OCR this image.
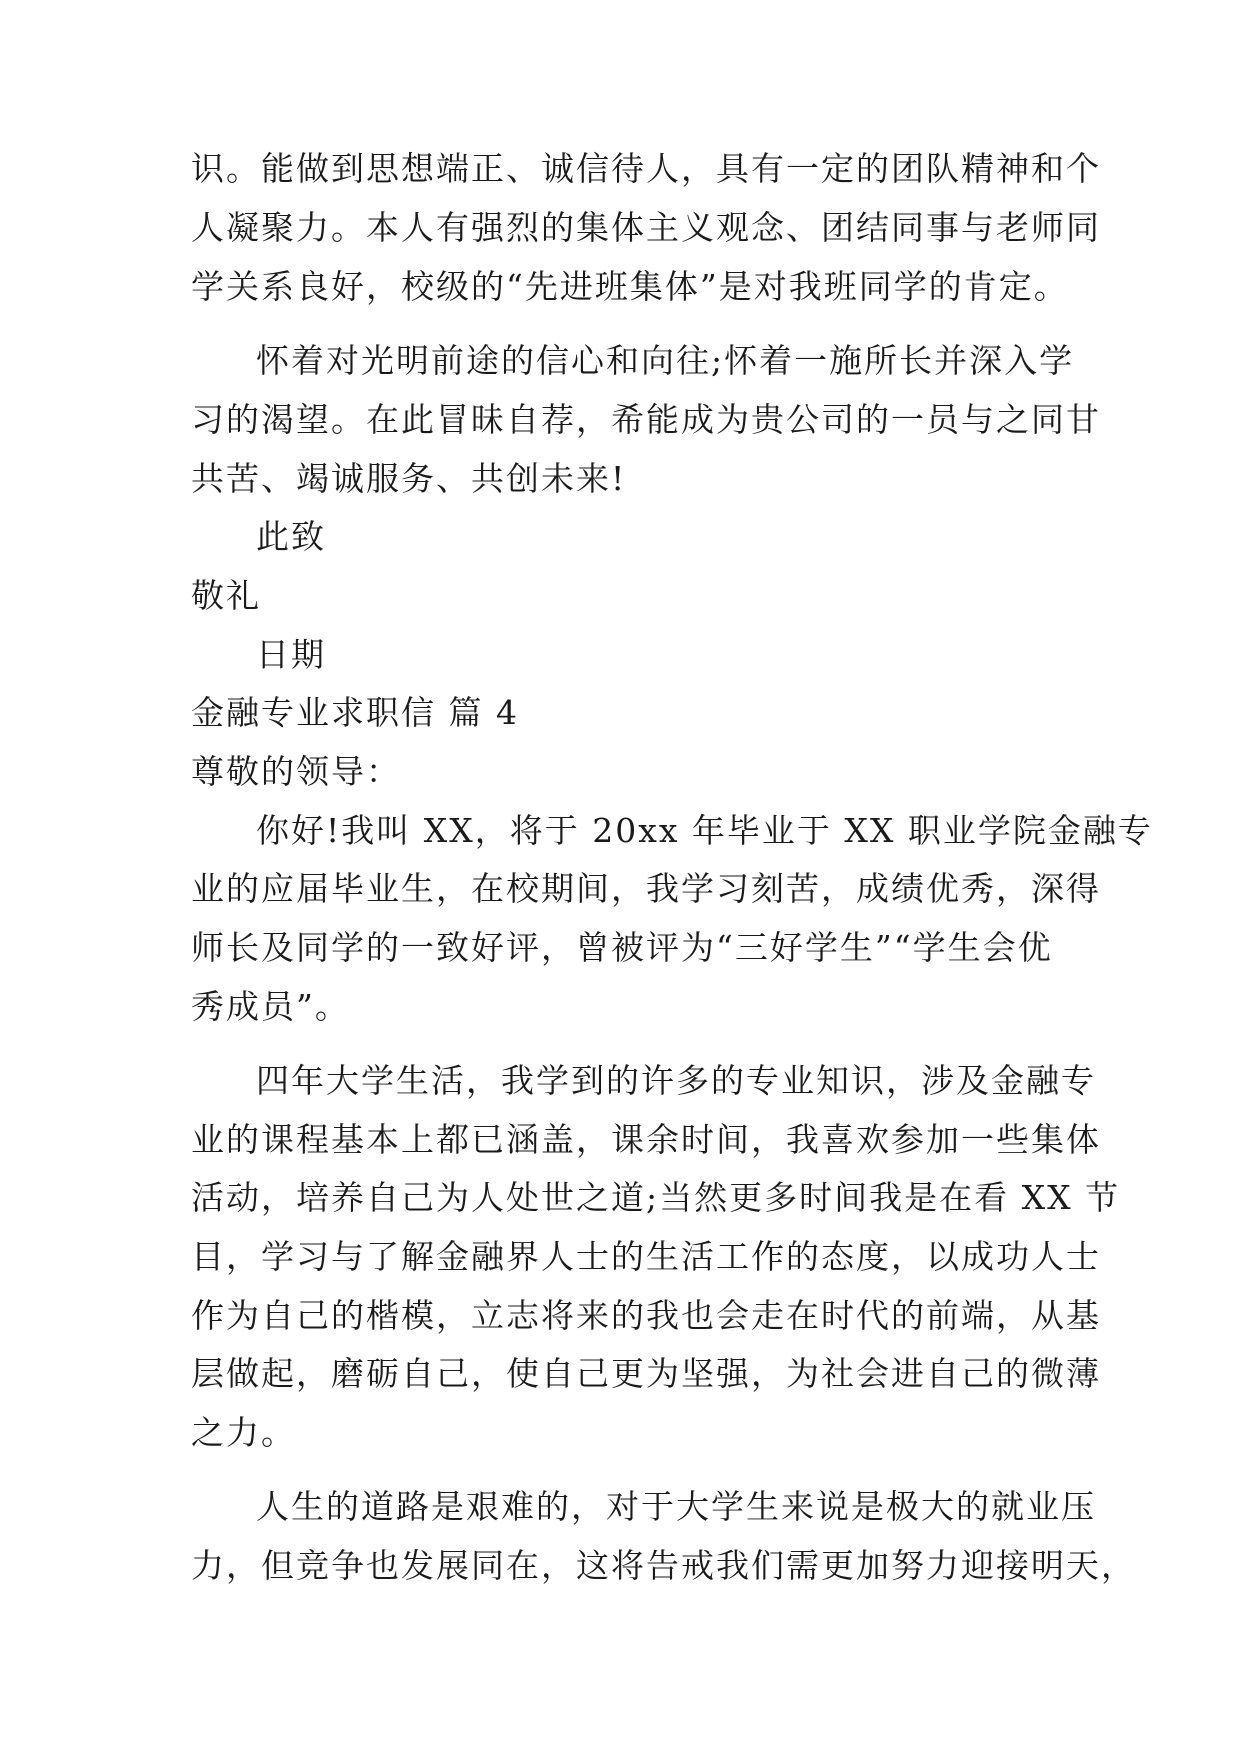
识。能做到思想端正、诚信待人，具有一定的团队精神和个
人凝聚力。本人有强烈的集体主义观念、团结同事与老师同
学关系良好，校级的“先进班集体”是对我班同学的肯定。
怀着对光明前途的信心和向往;怀着一施所长并深入学
习的渴望。在此冒昧自荐，希能成为贵公司的一员与之同甘
共苦、竭诚服务、共创未来!
此致
敬礼
日期
金融专业求职信 篇 4
尊敬的领导：
你好!我叫 XX，将于 20xx 年毕业于 XX 职业学院金融专
业的应届毕业生，在校期间，我学习刻苦，成绩优秀，深得
师长及同学的一致好评，曾被评为“三好学生”“学生会优
秀成员”。
四年大学生活，我学到的许多的专业知识，涉及金融专
业的课程基本上都已涵盖，课余时间，我喜欢参加一些集体
活动，培养自己为人处世之道;当然更多时间我是在看 XX 节
目，学习与了解金融界人士的生活工作的态度，以成功人士
作为自己的楷模，立志将来的我也会走在时代的前端，从基
层做起，磨砺自己，使自己更为坚强，为社会进自己的微薄
之力。
人生的道路是艰难的，对于大学生来说是极大的就业压
力，但竞争也发展同在，这将告戒我们需更加努力迎接明天，
